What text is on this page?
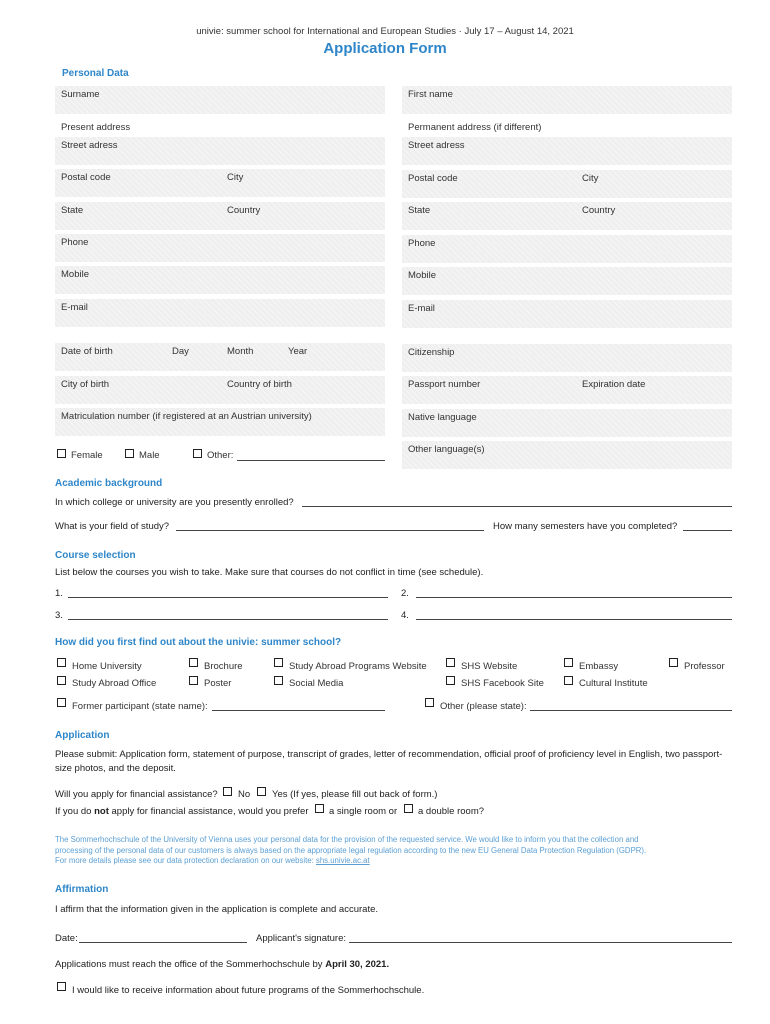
univie: summer school for International and European Studies · July 17 – August 14, 2021
Application Form
Personal Data
Surname
Present address
Street adress
Postal code	City
State	Country
Phone
Mobile
E-mail
Date of birth	Day	Month	Year
City of birth	Country of birth
Matriculation number (if registered at an Austrian university)
Female	Male	Other:
First name
Permanent address (if different)
Street adress
Postal code	City
State	Country
Phone
Mobile
E-mail
Citizenship
Passport number	Expiration date
Native language
Other language(s)
Academic background
In which college or university are you presently enrolled?
What is your field of study?	How many semesters have you completed?
Course selection
List below the courses you wish to take. Make sure that courses do not conflict in time (see schedule).
1.	2.
3.	4.
How did you first find out about the univie: summer school?
Home University	Brochure	Study Abroad Programs Website	SHS Website	Embassy	Professor
Study Abroad Office	Poster	Social Media	SHS Facebook Site	Cultural Institute
Former participant (state name):	Other (please state):
Application
Please submit: Application form, statement of purpose, transcript of grades, letter of recommendation, official proof of proficiency level in English, two passport-size photos, and the deposit.
Will you apply for financial assistance? No Yes (If yes, please fill out back of form.)
If you do not apply for financial assistance, would you prefer a single room or a double room?
The Sommerhochschule of the University of Vienna uses your personal data for the provision of the requested service. We would like to inform you that the collection and
processing of the personal data of our customers is always based on the appropriate legal regulation according to the new EU General Data Protection Regulation (GDPR).
For more details please see our data protection declaration on our website: shs.univie.ac.at
Affirmation
I affirm that the information given in the application is complete and accurate.
Date:	Applicant's signature:
Applications must reach the office of the Sommerhochschule by April 30, 2021.
I would like to receive information about future programs of the Sommerhochschule.
